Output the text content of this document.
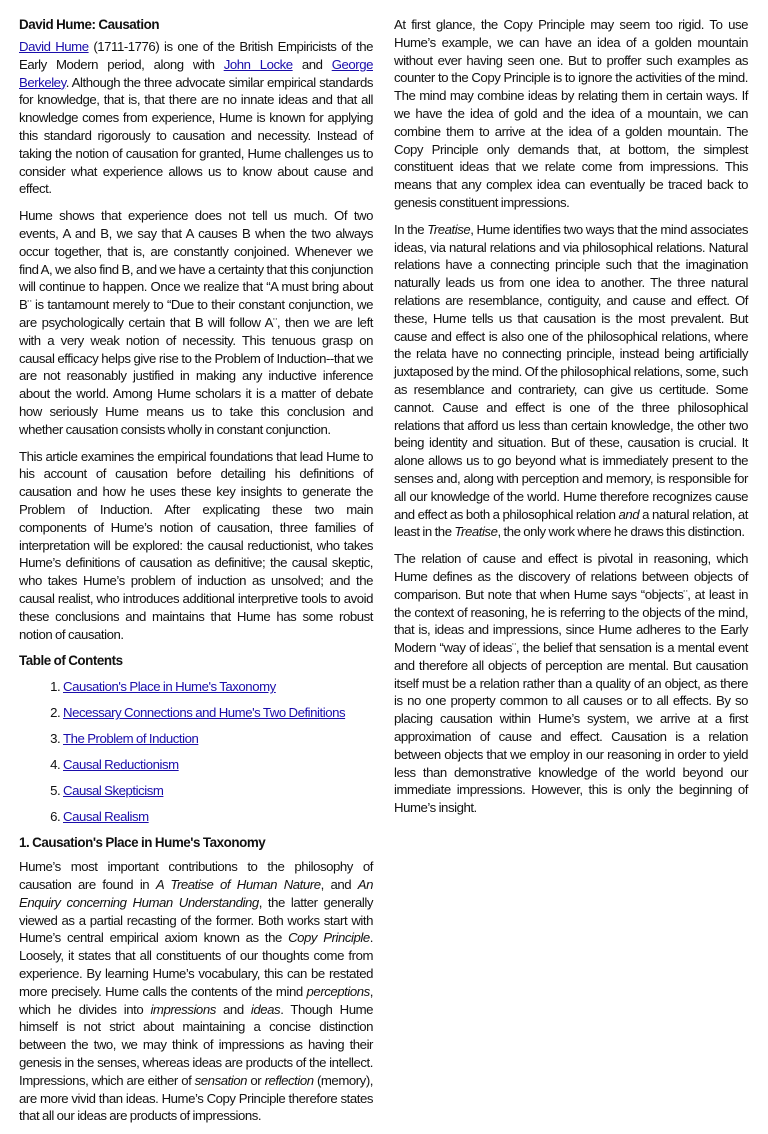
David Hume: Causation

David Hume (1711-1776) is one of the British Empiricists of the Early Modern period, along with John Locke and George Berkeley. Although the three advocate similar empirical standards for knowledge, that is, that there are no innate ideas and that all knowledge comes from experience, Hume is known for applying this standard rigorously to causation and necessity. Instead of taking the notion of causation for granted, Hume challenges us to consider what experience allows us to know about cause and effect.

Hume shows that experience does not tell us much. Of two events, A and B, we say that A causes B when the two always occur together, that is, are constantly conjoined. Whenever we find A, we also find B, and we have a certainty that this conjunction will continue to happen. Once we realize that “A must bring about B¨ is tantamount merely to “Due to their constant conjunction, we are psychologically certain that B will follow A¨, then we are left with a very weak notion of necessity. This tenuous grasp on causal efficacy helps give rise to the Problem of Induction--that we are not reasonably justified in making any inductive inference about the world. Among Hume scholars it is a matter of debate how seriously Hume means us to take this conclusion and whether causation consists wholly in constant conjunction.

This article examines the empirical foundations that lead Hume to his account of causation before detailing his definitions of causation and how he uses these key insights to generate the Problem of Induction. After explicating these two main components of Hume’s notion of causation, three families of interpretation will be explored: the causal reductionist, who takes Hume’s definitions of causation as definitive; the causal skeptic, who takes Hume’s problem of induction as unsolved; and the causal realist, who introduces additional interpretive tools to avoid these conclusions and maintains that Hume has some robust notion of causation.

Table of Contents
1. Causation's Place in Hume's Taxonomy
2. Necessary Connections and Hume's Two Definitions
3. The Problem of Induction
4. Causal Reductionism
5. Causal Skepticism
6. Causal Realism
1. Causation's Place in Hume's Taxonomy

Hume’s most important contributions to the philosophy of causation are found in A Treatise of Human Nature, and An Enquiry concerning Human Understanding, the latter generally viewed as a partial recasting of the former. Both works start with Hume’s central empirical axiom known as the Copy Principle. Loosely, it states that all constituents of our thoughts come from experience. By learning Hume’s vocabulary, this can be restated more precisely. Hume calls the contents of the mind perceptions, which he divides into impressions and ideas. Though Hume himself is not strict about maintaining a concise distinction between the two, we may think of impressions as having their genesis in the senses, whereas ideas are products of the intellect. Impressions, which are either of sensation or reflection (memory), are more vivid than ideas. Hume’s Copy Principle therefore states that all our ideas are products of impressions.

At first glance, the Copy Principle may seem too rigid. To use Hume’s example, we can have an idea of a golden mountain without ever having seen one. But to proffer such examples as counter to the Copy Principle is to ignore the activities of the mind. The mind may combine ideas by relating them in certain ways. If we have the idea of gold and the idea of a mountain, we can combine them to arrive at the idea of a golden mountain. The Copy Principle only demands that, at bottom, the simplest constituent ideas that we relate come from impressions. This means that any complex idea can eventually be traced back to genesis constituent impressions.

In the Treatise, Hume identifies two ways that the mind associates ideas, via natural relations and via philosophical relations. Natural relations have a connecting principle such that the imagination naturally leads us from one idea to another. The three natural relations are resemblance, contiguity, and cause and effect. Of these, Hume tells us that causation is the most prevalent. But cause and effect is also one of the philosophical relations, where the relata have no connecting principle, instead being artificially juxtaposed by the mind. Of the philosophical relations, some, such as resemblance and contrariety, can give us certitude. Some cannot. Cause and effect is one of the three philosophical relations that afford us less than certain knowledge, the other two being identity and situation. But of these, causation is crucial. It alone allows us to go beyond what is immediately present to the senses and, along with perception and memory, is responsible for all our knowledge of the world. Hume therefore recognizes cause and effect as both a philosophical relation and a natural relation, at least in the Treatise, the only work where he draws this distinction.

The relation of cause and effect is pivotal in reasoning, which Hume defines as the discovery of relations between objects of comparison. But note that when Hume says “objects¨, at least in the context of reasoning, he is referring to the objects of the mind, that is, ideas and impressions, since Hume adheres to the Early Modern “way of ideas¨, the belief that sensation is a mental event and therefore all objects of perception are mental. But causation itself must be a relation rather than a quality of an object, as there is no one property common to all causes or to all effects. By so placing causation within Hume’s system, we arrive at a first approximation of cause and effect. Causation is a relation between objects that we employ in our reasoning in order to yield less than demonstrative knowledge of the world beyond our immediate impressions. However, this is only the beginning of Hume’s insight.
